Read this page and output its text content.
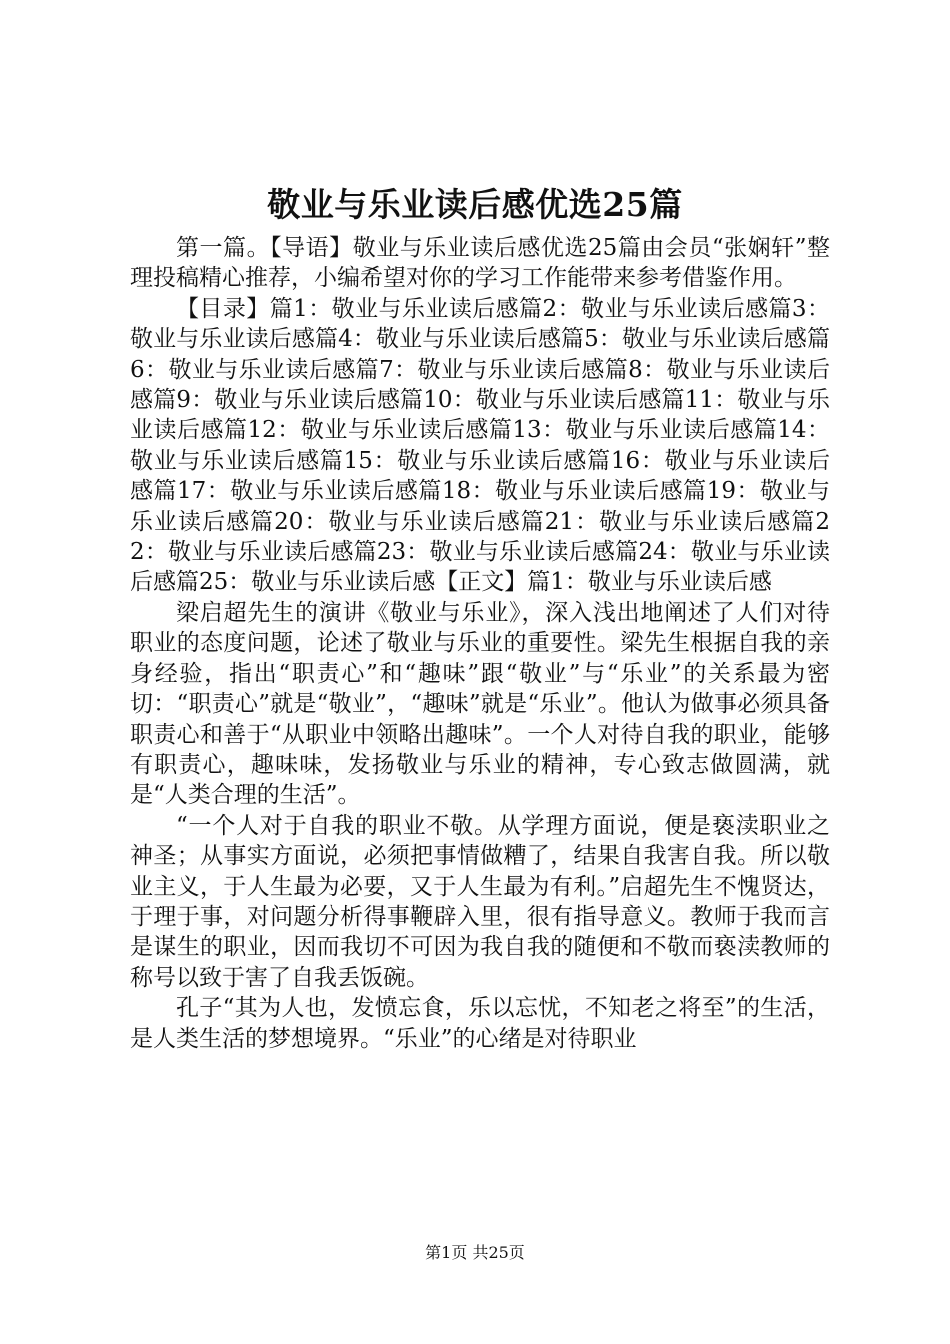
敬业与乐业读后感优选25篇

第一篇。【导语】敬业与乐业读后感优选25篇由会员“张娴轩”整理投稿精心推荐，小编希望对你的学习工作能带来参考借鉴作用。

【目录】篇1：敬业与乐业读后感篇2：敬业与乐业读后感篇3：敬业与乐业读后感篇4：敬业与乐业读后感篇5：敬业与乐业读后感篇6：敬业与乐业读后感篇7：敬业与乐业读后感篇8：敬业与乐业读后感篇9：敬业与乐业读后感篇10：敬业与乐业读后感篇11：敬业与乐业读后感篇12：敬业与乐业读后感篇13：敬业与乐业读后感篇14：敬业与乐业读后感篇15：敬业与乐业读后感篇16：敬业与乐业读后感篇17：敬业与乐业读后感篇18：敬业与乐业读后感篇19：敬业与乐业读后感篇20：敬业与乐业读后感篇21：敬业与乐业读后感篇22：敬业与乐业读后感篇23：敬业与乐业读后感篇24：敬业与乐业读后感篇25：敬业与乐业读后感【正文】篇1：敬业与乐业读后感

梁启超先生的演讲《敬业与乐业》，深入浅出地阐述了人们对待职业的态度问题，论述了敬业与乐业的重要性。梁先生根据自我的亲身经验，指出“职责心”和“趣味”跟“敬业”与“乐业”的关系最为密切：“职责心”就是“敬业”，“趣味”就是“乐业”。他认为做事必须具备职责心和善于“从职业中领略出趣味”。一个人对待自我的职业，能够有职责心，趣味味，发扬敬业与乐业的精神，专心致志做圆满，就是“人类合理的生活”。

“一个人对于自我的职业不敬。从学理方面说，便是亵渎职业之神圣；从事实方面说，必须把事情做糟了，结果自我害自我。所以敬业主义，于人生最为必要，又于人生最为有利。”启超先生不愧贤达，于理于事，对问题分析得事鞭辟入里，很有指导意义。教师于我而言是谋生的职业，因而我切不可因为我自我的随便和不敬而亵渎教师的称号以致于害了自我丢饭碗。

孔子“其为人也，发愤忘食，乐以忘忧，不知老之将至”的生活，是人类生活的梦想境界。“乐业”的心绪是对待职业

第1页 共25页
